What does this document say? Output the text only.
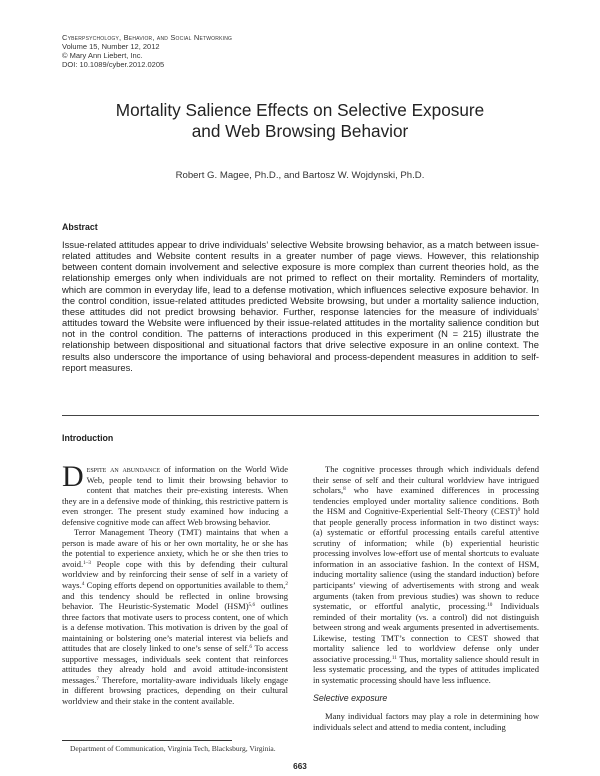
Cyberpsychology, Behavior, and Social Networking
Volume 15, Number 12, 2012
© Mary Ann Liebert, Inc.
DOI: 10.1089/cyber.2012.0205
Mortality Salience Effects on Selective Exposure
and Web Browsing Behavior
Robert G. Magee, Ph.D., and Bartosz W. Wojdynski, Ph.D.
Abstract
Issue-related attitudes appear to drive individuals’ selective Website browsing behavior, as a match between issue-related attitudes and Website content results in a greater number of page views. However, this relationship between content domain involvement and selective exposure is more complex than current theories hold, as the relationship emerges only when individuals are not primed to reflect on their mortality. Reminders of mortality, which are common in everyday life, lead to a defense motivation, which influences selective exposure behavior. In the control condition, issue-related attitudes predicted Website browsing, but under a mortality salience induction, these attitudes did not predict browsing behavior. Further, response latencies for the measure of individuals’ attitudes toward the Website were influenced by their issue-related attitudes in the mortality salience condition but not in the control condition. The patterns of interactions produced in this experiment (N = 215) illustrate the relationship between dispositional and situational factors that drive selective exposure in an online context. The results also underscore the importance of using behavioral and process-dependent measures in addition to self-report measures.
Introduction

Despite an abundance of information on the World Wide Web, people tend to limit their browsing behavior to content that matches their pre-existing interests. When they are in a defensive mode of thinking, this restrictive pattern is even stronger. The present study examined how inducing a defensive cognitive mode can affect Web browsing behavior.

Terror Management Theory (TMT) maintains that when a person is made aware of his or her own mortality, he or she has the potential to experience anxiety, which he or she then tries to avoid.$^{1-3}$ People cope with this by defending their cultural worldview and by reinforcing their sense of self in a variety of ways.$^4$ Coping efforts depend on opportunities available to them,$^2$ and this tendency should be reflected in online browsing behavior. The Heuristic-Systematic Model (HSM)$^{5,6}$ outlines three factors that motivate users to process content, one of which is a defense motivation. This motivation is driven by the goal of maintaining or bolstering one’s material interest via beliefs and attitudes that are closely linked to one’s sense of self.$^6$ To access supportive messages, individuals seek content that reinforces attitudes they already hold and avoid attitude-inconsistent messages.$^7$ Therefore, mortality-aware individuals likely engage in different browsing practices, depending on their cultural worldview and their stake in the content available.

The cognitive processes through which individuals defend their sense of self and their cultural worldview have intrigued scholars,$^8$ who have examined differences in processing tendencies employed under mortality salience conditions. Both the HSM and Cognitive-Experiential Self-Theory (CEST)$^9$ hold that people generally process information in two distinct ways: (a) systematic or effortful processing entails careful attentive scrutiny of information; while (b) experiential heuristic processing involves low-effort use of mental shortcuts to evaluate information in an associative fashion. In the context of HSM, inducing mortality salience (using the standard induction) before participants’ viewing of advertisements with strong and weak arguments (taken from previous studies) was shown to reduce systematic, or effortful analytic, processing.$^{10}$ Individuals reminded of their mortality (vs. a control) did not distinguish between strong and weak arguments presented in advertisements. Likewise, testing TMT’s connection to CEST showed that mortality salience led to worldview defense only under associative processing.$^{11}$ Thus, mortality salience should result in less systematic processing, and the types of attitudes implicated in systematic processing should have less influence.

Selective exposure

Many individual factors may play a role in determining how individuals select and attend to media content, including

Department of Communication, Virginia Tech, Blacksburg, Virginia.
663
